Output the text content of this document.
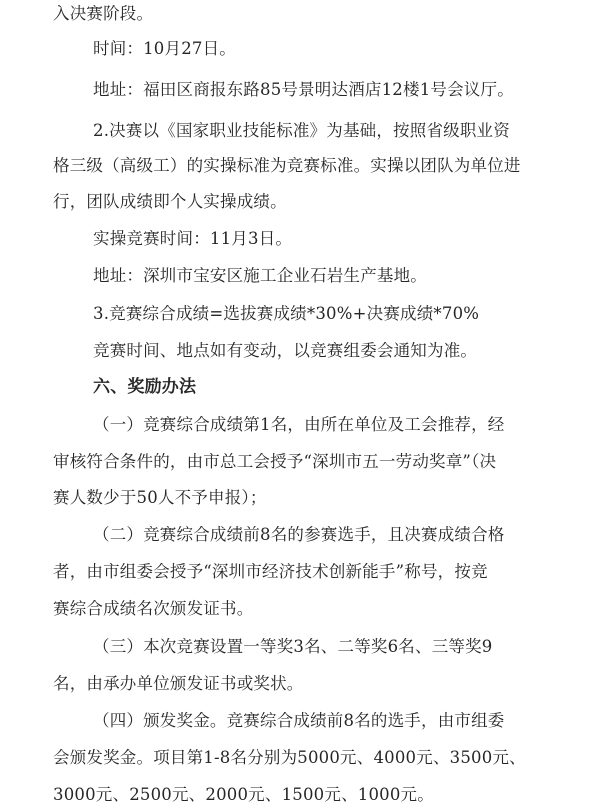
入决赛阶段。
时间：10月27日。
地址：福田区商报东路85号景明达酒店12楼1号会议厅。
2.决赛以《国家职业技能标准》为基础，按照省级职业资
格三级（高级工）的实操标准为竞赛标准。实操以团队为单位进
行，团队成绩即个人实操成绩。
实操竞赛时间：11月3日。
地址：深圳市宝安区施工企业石岩生产基地。
3.竞赛综合成绩=选拔赛成绩*30%+决赛成绩*70%
竞赛时间、地点如有变动，以竞赛组委会通知为准。
六、奖励办法
（一）竞赛综合成绩第1名，由所在单位及工会推荐，经
审核符合条件的，由市总工会授予“深圳市五一劳动奖章”（决
赛人数少于50人不予申报）；
（二）竞赛综合成绩前8名的参赛选手，且决赛成绩合格
者，由市组委会授予“深圳市经济技术创新能手”称号，按竞
赛综合成绩名次颁发证书。
（三）本次竞赛设置一等奖3名、二等奖6名、三等奖9
名，由承办单位颁发证书或奖状。
（四）颁发奖金。竞赛综合成绩前8名的选手，由市组委
会颁发奖金。项目第1-8名分别为5000元、4000元、3500元、
3000元、2500元、2000元、1500元、1000元。
